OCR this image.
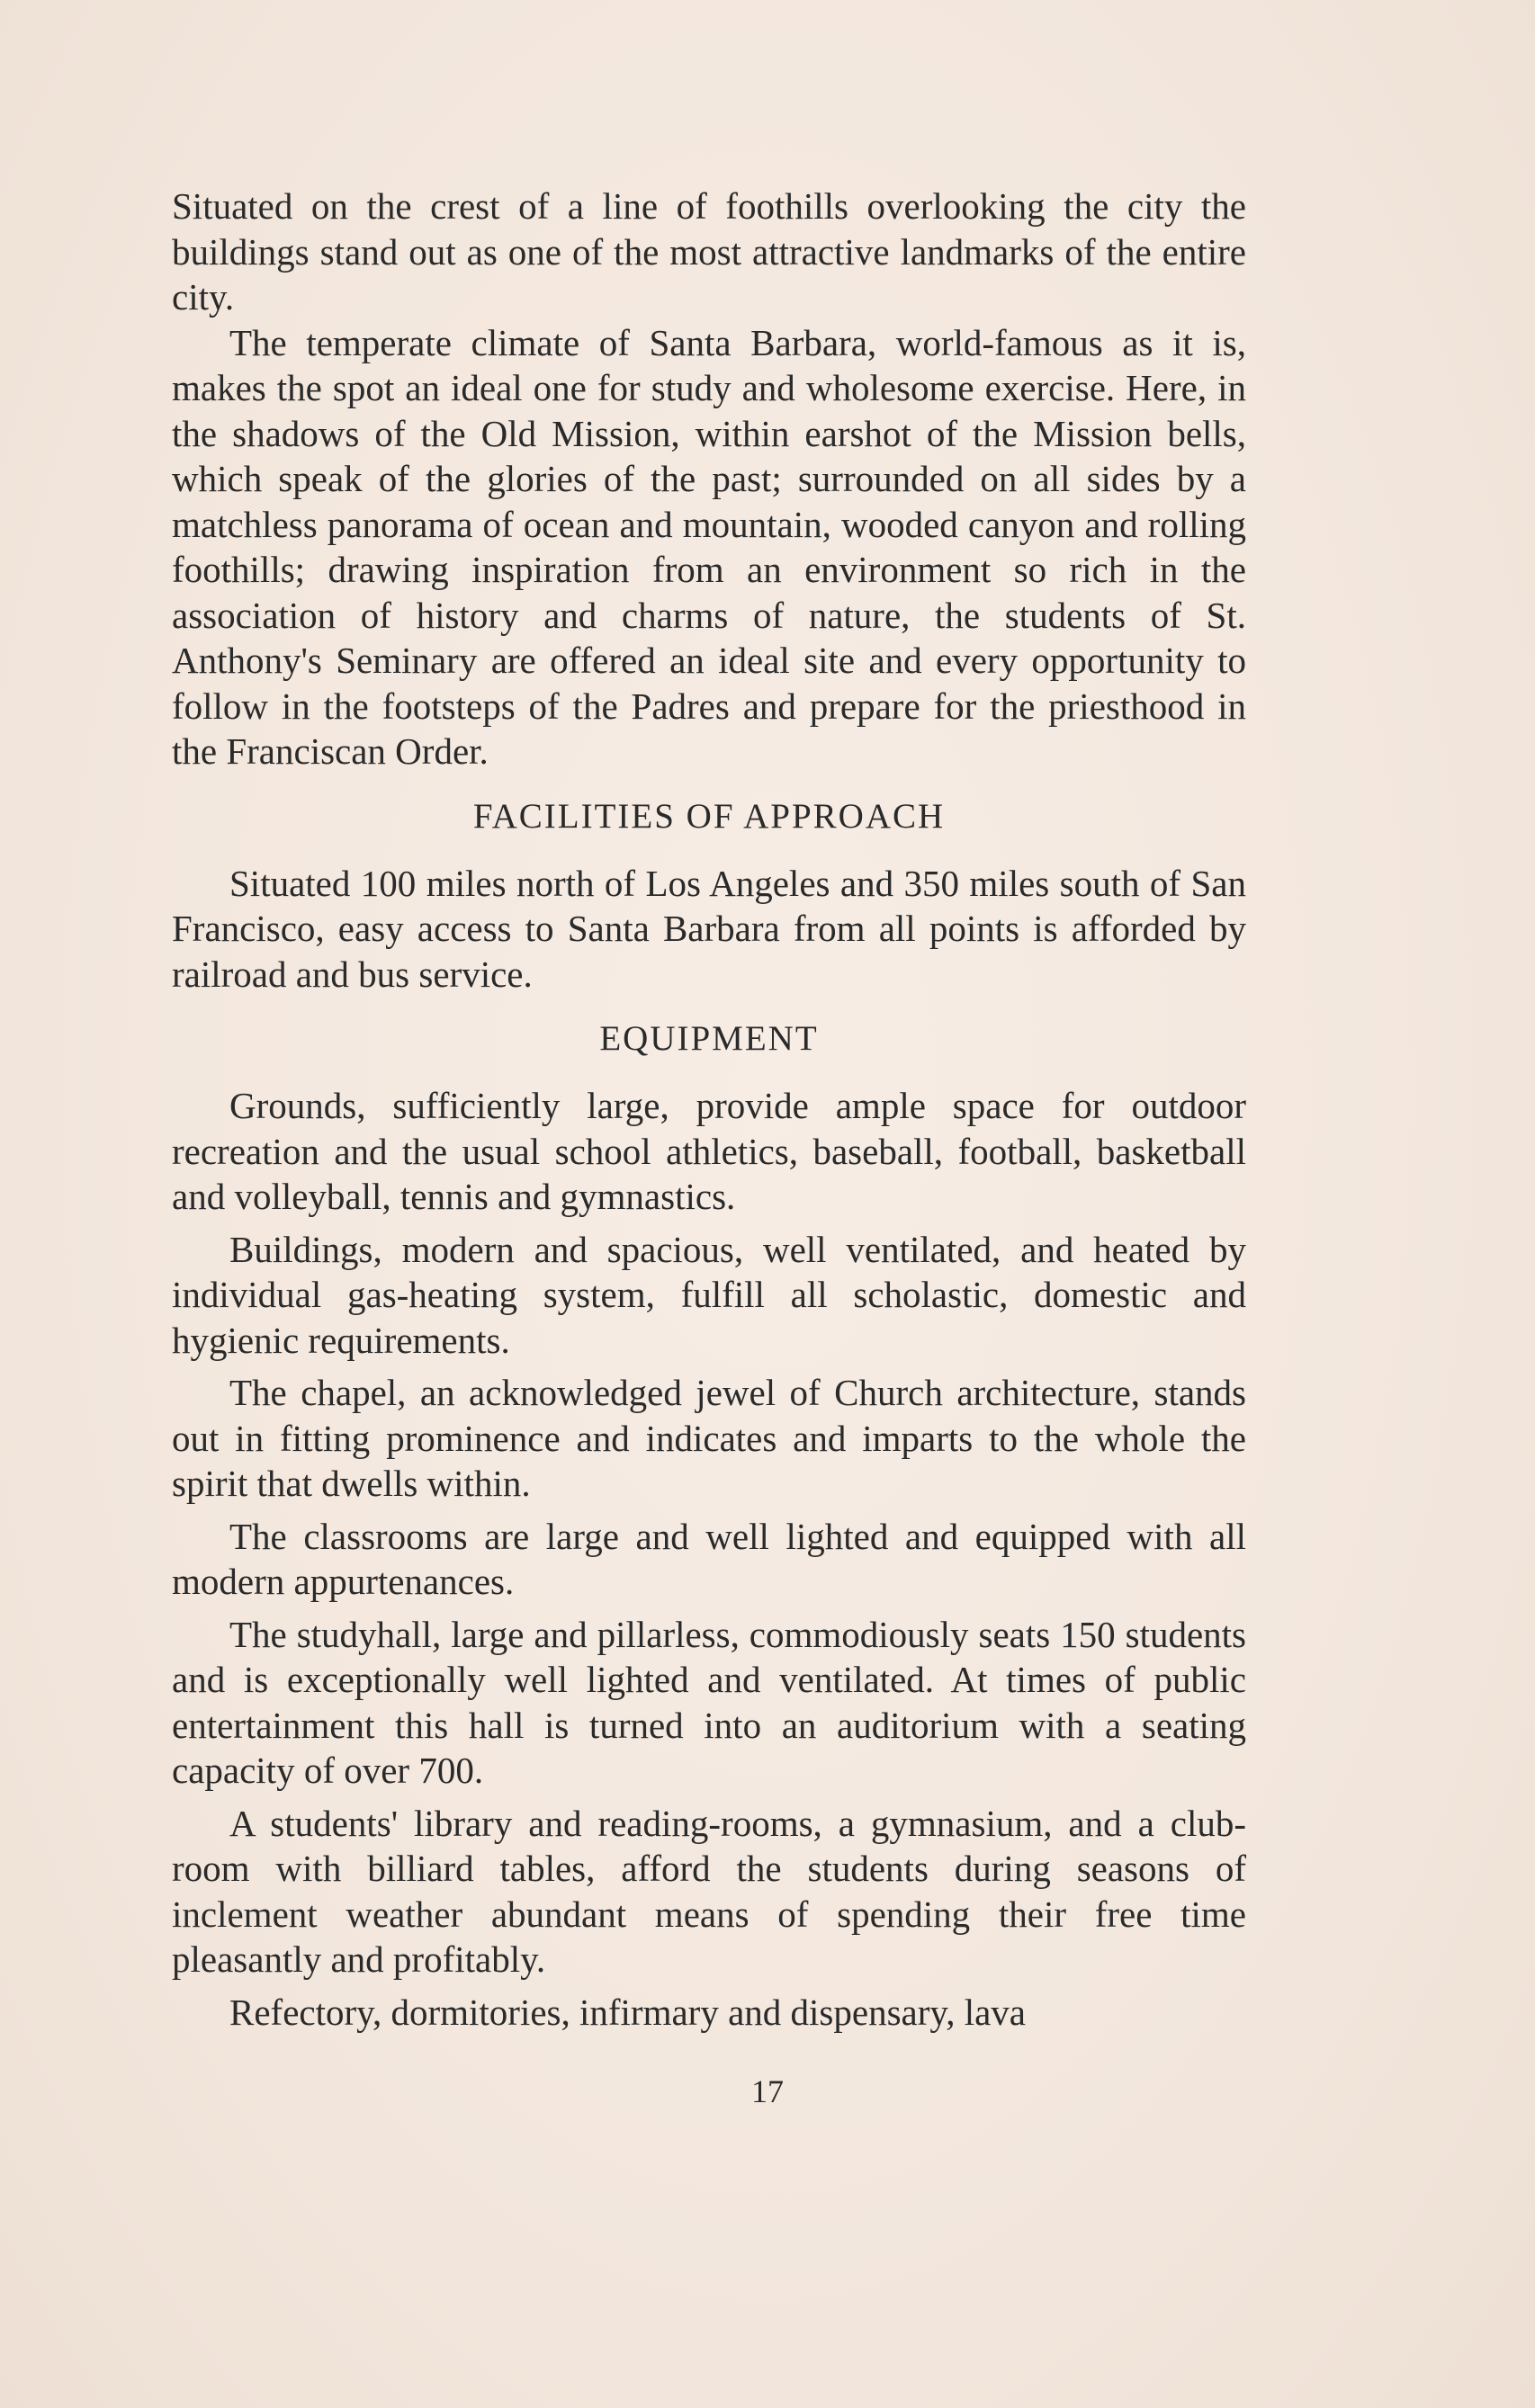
Situated on the crest of a line of foothills overlooking the city the buildings stand out as one of the most attractive landmarks of the entire city.

The temperate climate of Santa Barbara, world-famous as it is, makes the spot an ideal one for study and wholesome exercise. Here, in the shadows of the Old Mission, within earshot of the Mission bells, which speak of the glories of the past; surrounded on all sides by a matchless panorama of ocean and mountain, wooded canyon and rolling foothills; drawing inspiration from an environment so rich in the association of history and charms of nature, the students of St. Anthony's Seminary are offered an ideal site and every opportunity to follow in the footsteps of the Padres and prepare for the priesthood in the Franciscan Order.

FACILITIES OF APPROACH

Situated 100 miles north of Los Angeles and 350 miles south of San Francisco, easy access to Santa Barbara from all points is afforded by railroad and bus service.

EQUIPMENT

Grounds, sufficiently large, provide ample space for outdoor recreation and the usual school athletics, baseball, football, basketball and volleyball, tennis and gymnastics.

Buildings, modern and spacious, well ventilated, and heated by individual gas-heating system, fulfill all scholastic, domestic and hygienic requirements.

The chapel, an acknowledged jewel of Church architecture, stands out in fitting prominence and indicates and imparts to the whole the spirit that dwells within.

The classrooms are large and well lighted and equipped with all modern appurtenances.

The studyhall, large and pillarless, commodiously seats 150 students and is exceptionally well lighted and ventilated. At times of public entertainment this hall is turned into an auditorium with a seating capacity of over 700.

A students' library and reading-rooms, a gymnasium, and a club-room with billiard tables, afford the students during seasons of inclement weather abundant means of spending their free time pleasantly and profitably.

Refectory, dormitories, infirmary and dispensary, lava

17
